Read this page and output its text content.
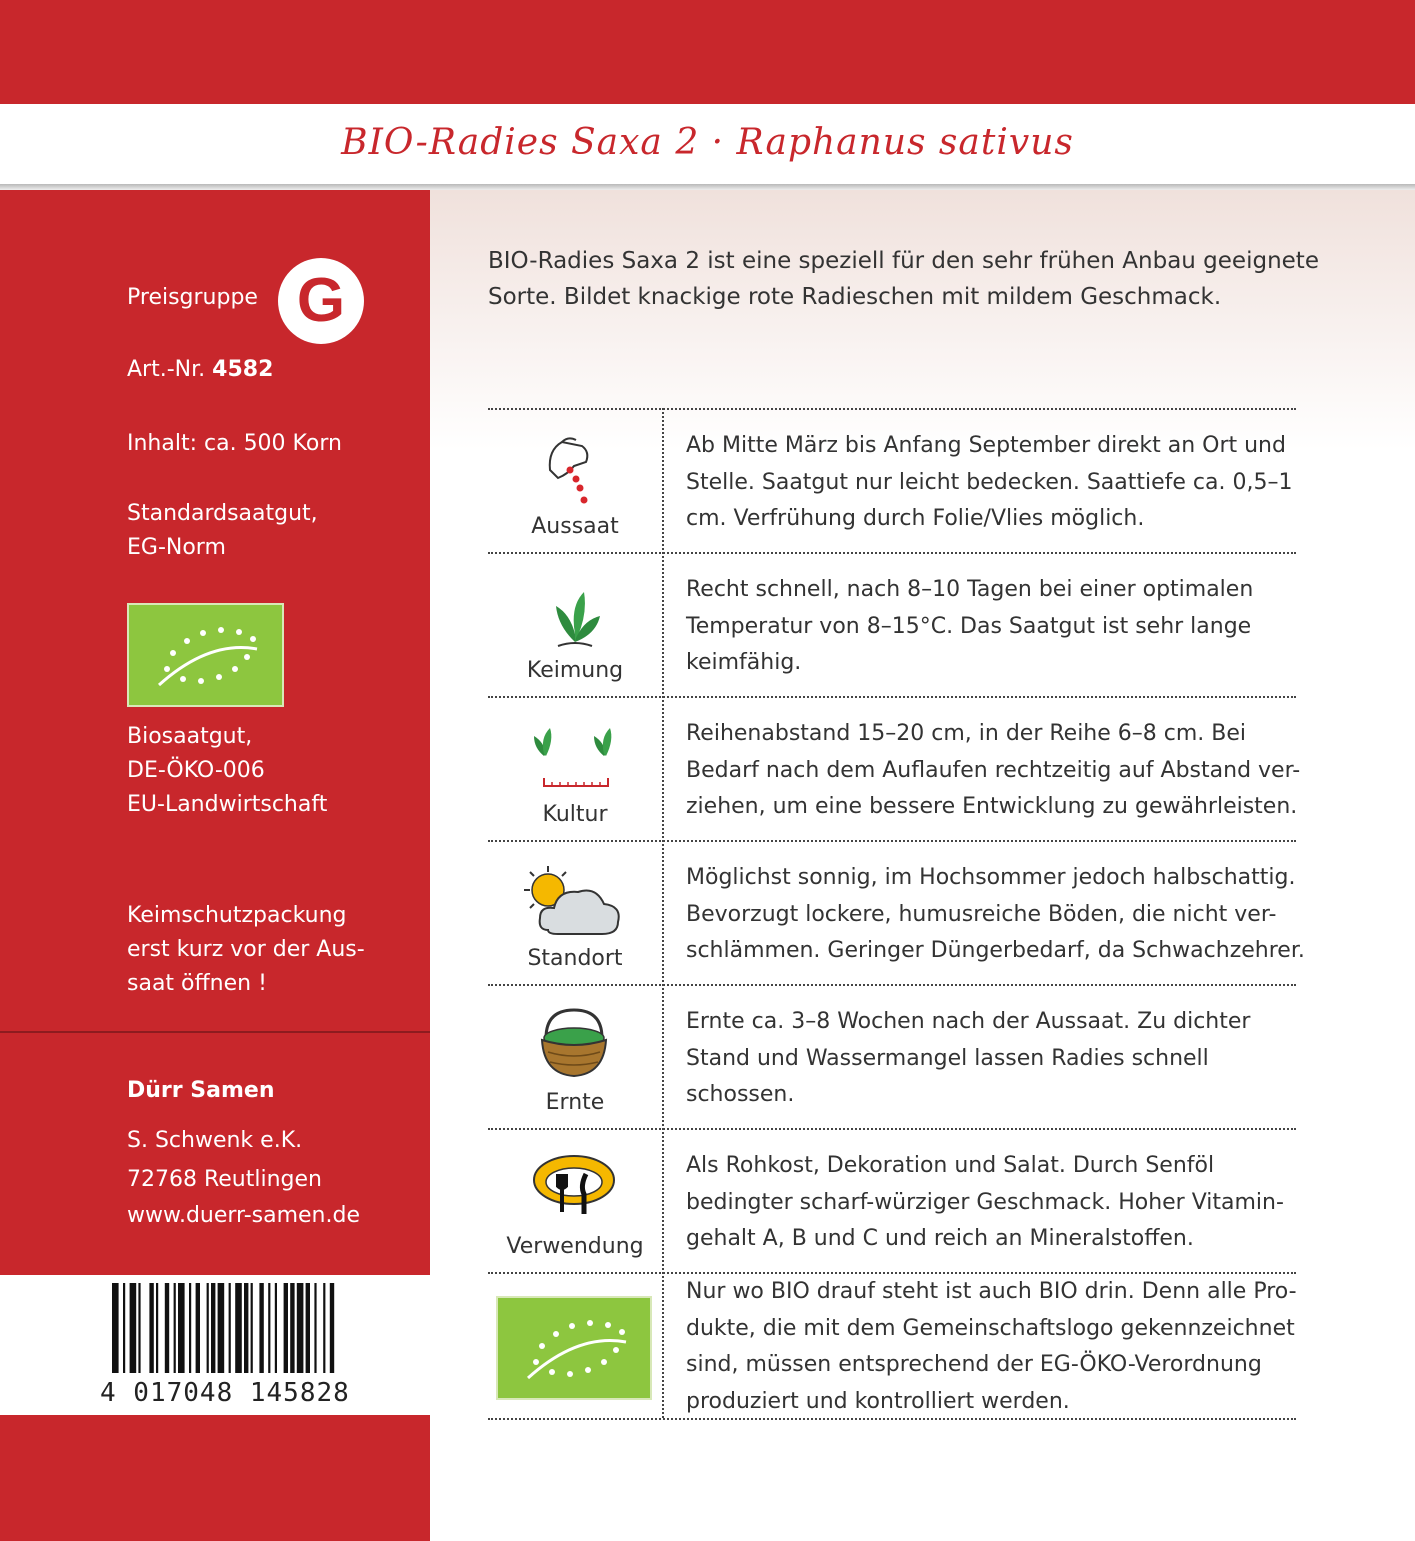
BIO-Radies Saxa 2 · Raphanus sativus
Preisgruppe G
Art.-Nr. 4582
Inhalt: ca. 500 Korn
Standardsaatgut,
EG-Norm
Biosaatgut,
DE-ÖKO-006
EU-Landwirtschaft
Keimschutzpackung
erst kurz vor der Aus-
saat öffnen !
Dürr Samen
S. Schwenk e.K.
72768 Reutlingen
www.duerr-samen.de
4 017048 145828
BIO-Radies Saxa 2 ist eine speziell für den sehr frühen Anbau geeignete Sorte. Bildet knackige rote Radieschen mit mildem Geschmack.
Aussaat
Ab Mitte März bis Anfang September direkt an Ort und Stelle. Saatgut nur leicht bedecken. Saattiefe ca. 0,5–1 cm. Verfrühung durch Folie/Vlies möglich.
Keimung
Recht schnell, nach 8–10 Tagen bei einer optimalen Temperatur von 8–15°C. Das Saatgut ist sehr lange keimfähig.
Kultur
Reihenabstand 15–20 cm, in der Reihe 6–8 cm. Bei Bedarf nach dem Auflaufen rechtzeitig auf Abstand ver-ziehen, um eine bessere Entwicklung zu gewährleisten.
Standort
Möglichst sonnig, im Hochsommer jedoch halbschattig. Bevorzugt lockere, humusreiche Böden, die nicht ver-schlämmen. Geringer Düngerbedarf, da Schwachzehrer.
Ernte
Ernte ca. 3–8 Wochen nach der Aussaat. Zu dichter Stand und Wassermangel lassen Radies schnell schossen.
Verwendung
Als Rohkost, Dekoration und Salat. Durch Senföl bedingter scharf-würziger Geschmack. Hoher Vitamin-gehalt A, B und C und reich an Mineralstoffen.
Nur wo BIO drauf steht ist auch BIO drin. Denn alle Pro-dukte, die mit dem Gemeinschaftslogo gekennzeichnet sind, müssen entsprechend der EG-ÖKO-Verordnung produziert und kontrolliert werden.
